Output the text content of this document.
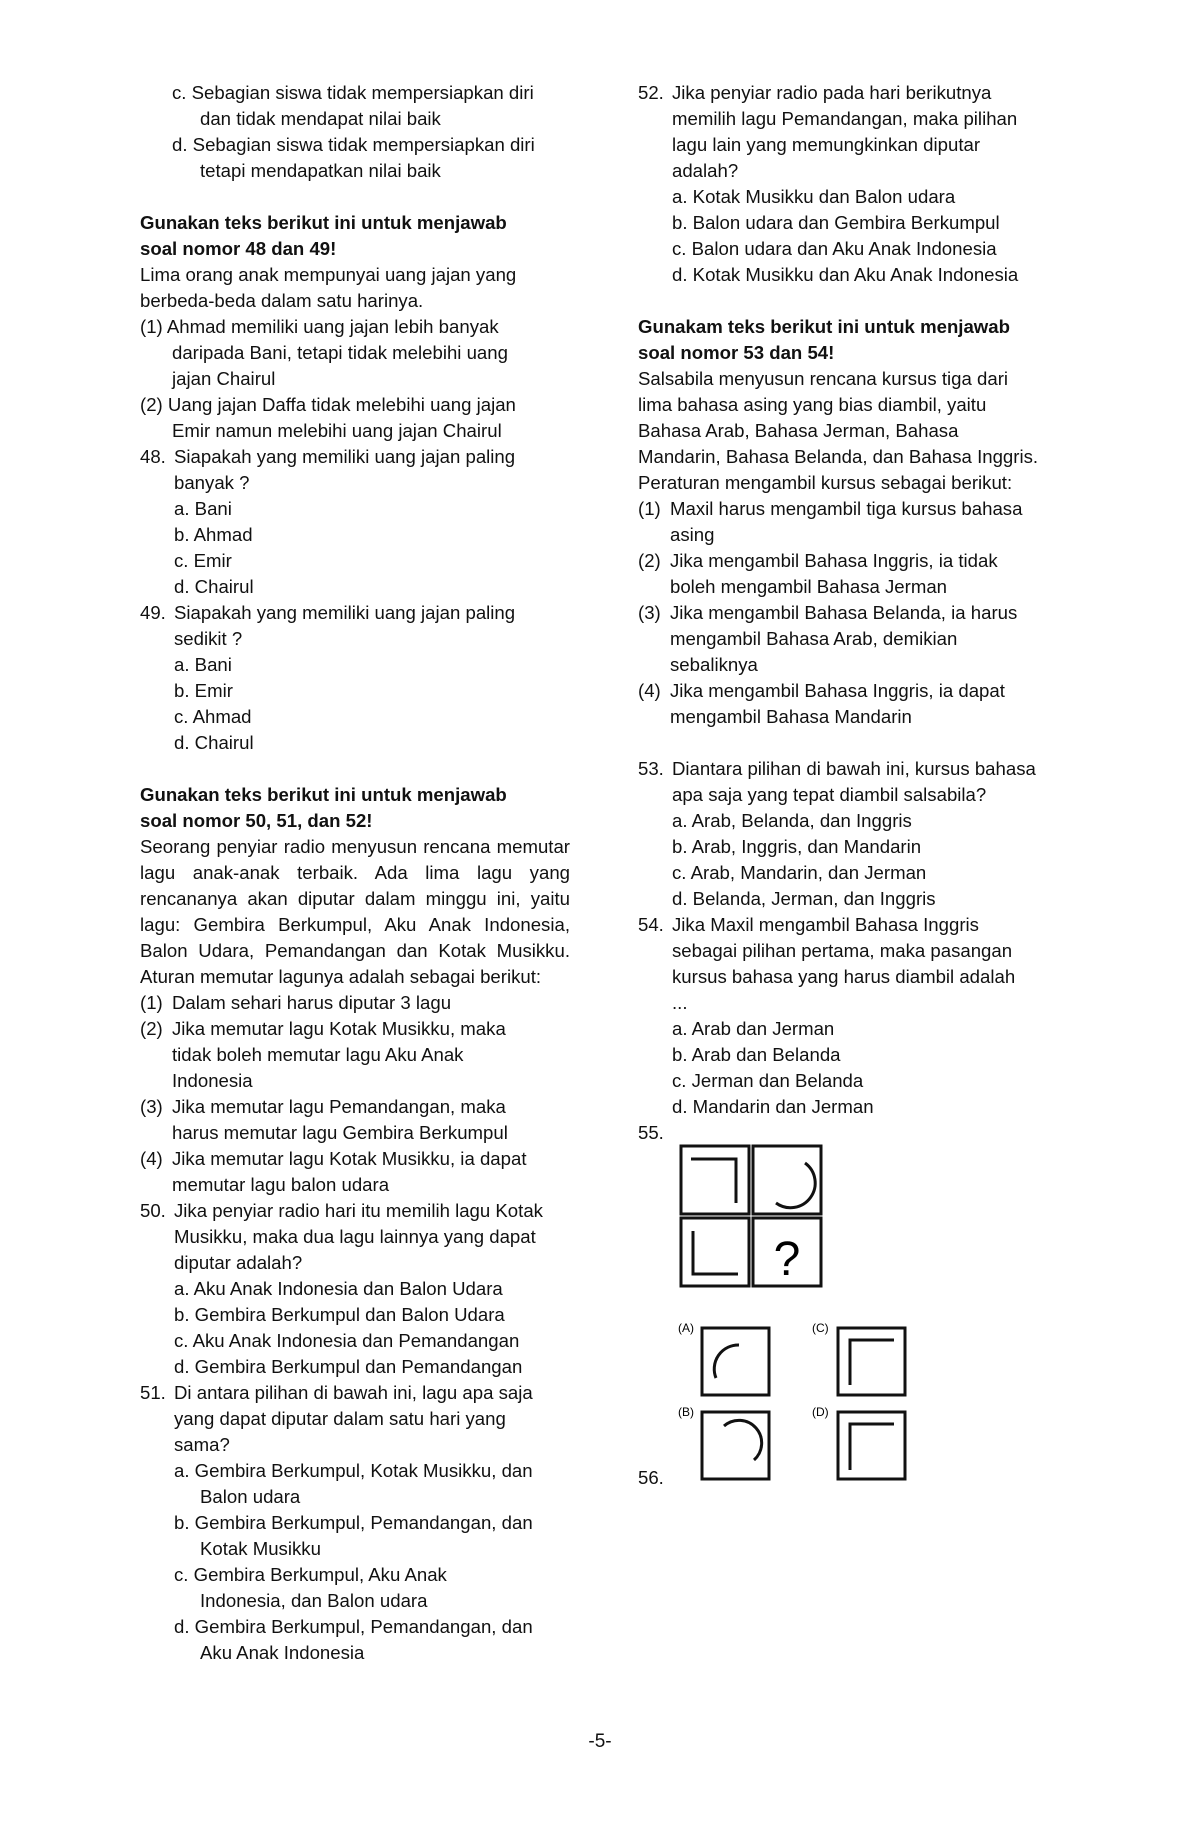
c. Sebagian siswa tidak mempersiapkan diri
dan tidak mendapat nilai baik
d. Sebagian siswa tidak mempersiapkan diri
tetapi mendapatkan nilai baik
Gunakan teks berikut ini untuk menjawab
soal nomor 48 dan 49!
Lima orang anak mempunyai uang jajan yang
berbeda-beda dalam satu harinya.
(1) Ahmad memiliki uang jajan lebih banyak
daripada Bani, tetapi tidak melebihi uang
jajan Chairul
(2) Uang jajan Daffa tidak melebihi uang jajan
Emir namun melebihi uang jajan Chairul
48. Siapakah yang memiliki uang jajan paling
banyak ?
a. Bani
b. Ahmad
c. Emir
d. Chairul
49. Siapakah yang memiliki uang jajan paling
sedikit ?
a. Bani
b. Emir
c. Ahmad
d. Chairul
Gunakan teks berikut ini untuk menjawab
soal nomor 50, 51, dan 52!
Seorang penyiar radio menyusun rencana memutar lagu anak-anak terbaik. Ada lima lagu yang rencananya akan diputar dalam minggu ini, yaitu lagu: Gembira Berkumpul, Aku Anak Indonesia, Balon Udara, Pemandangan dan Kotak Musikku. Aturan memutar lagunya adalah sebagai berikut:
(1) Dalam sehari harus diputar 3 lagu
(2) Jika memutar lagu Kotak Musikku, maka
tidak boleh memutar lagu Aku Anak
Indonesia
(3) Jika memutar lagu Pemandangan, maka
harus memutar lagu Gembira Berkumpul
(4) Jika memutar lagu Kotak Musikku, ia dapat
memutar lagu balon udara
50. Jika penyiar radio hari itu memilih lagu Kotak
Musikku, maka dua lagu lainnya yang dapat
diputar adalah?
a. Aku Anak Indonesia dan Balon Udara
b. Gembira Berkumpul dan Balon Udara
c. Aku Anak Indonesia dan Pemandangan
d. Gembira Berkumpul dan Pemandangan
51. Di antara pilihan di bawah ini, lagu apa saja
yang dapat diputar dalam satu hari yang
sama?
a. Gembira Berkumpul, Kotak Musikku, dan
Balon udara
b. Gembira Berkumpul, Pemandangan, dan
Kotak Musikku
c. Gembira Berkumpul, Aku Anak
Indonesia, dan Balon udara
d. Gembira Berkumpul, Pemandangan, dan
Aku Anak Indonesia
52. Jika penyiar radio pada hari berikutnya
memilih lagu Pemandangan, maka pilihan
lagu lain yang memungkinkan diputar
adalah?
a. Kotak Musikku dan Balon udara
b. Balon udara dan Gembira Berkumpul
c. Balon udara dan Aku Anak Indonesia
d. Kotak Musikku dan Aku Anak Indonesia
Gunakam teks berikut ini untuk menjawab
soal nomor 53 dan 54!
Salsabila menyusun rencana kursus tiga dari
lima bahasa asing yang bias diambil, yaitu
Bahasa Arab, Bahasa Jerman, Bahasa
Mandarin, Bahasa Belanda, dan Bahasa Inggris.
Peraturan mengambil kursus sebagai berikut:
(1) Maxil harus mengambil tiga kursus bahasa
asing
(2) Jika mengambil Bahasa Inggris, ia tidak
boleh mengambil Bahasa Jerman
(3) Jika mengambil Bahasa Belanda, ia harus
mengambil Bahasa Arab, demikian
sebaliknya
(4) Jika mengambil Bahasa Inggris, ia dapat
mengambil Bahasa Mandarin
53. Diantara pilihan di bawah ini, kursus bahasa
apa saja yang tepat diambil salsabila?
a. Arab, Belanda, dan Inggris
b. Arab, Inggris, dan Mandarin
c. Arab, Mandarin, dan Jerman
d. Belanda, Jerman, dan Inggris
54. Jika Maxil mengambil Bahasa Inggris
sebagai pilihan pertama, maka pasangan
kursus bahasa yang harus diambil adalah
...
a. Arab dan Jerman
b. Arab dan Belanda
c. Jerman dan Belanda
d. Mandarin dan Jerman
55.
?
(A)	(C)
(B)	(D)
56.
-5-
